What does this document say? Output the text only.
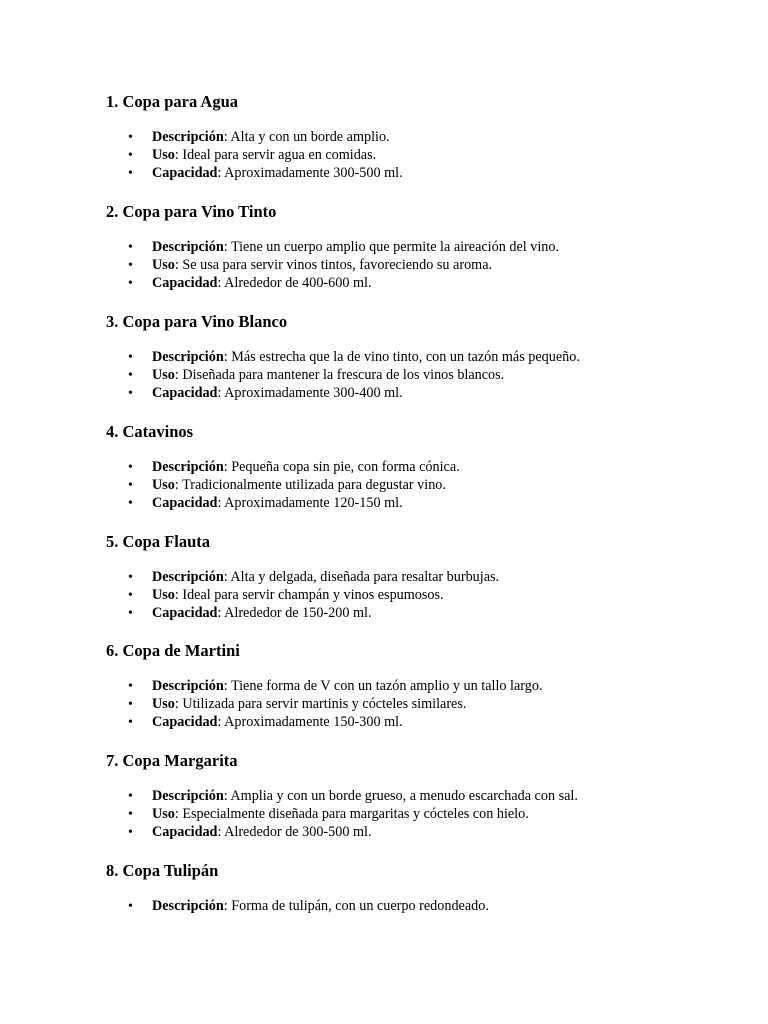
1. Copa para Agua
• Descripción: Alta y con un borde amplio.
• Uso: Ideal para servir agua en comidas.
• Capacidad: Aproximadamente 300-500 ml.
2. Copa para Vino Tinto
• Descripción: Tiene un cuerpo amplio que permite la aireación del vino.
• Uso: Se usa para servir vinos tintos, favoreciendo su aroma.
• Capacidad: Alrededor de 400-600 ml.
3. Copa para Vino Blanco
• Descripción: Más estrecha que la de vino tinto, con un tazón más pequeño.
• Uso: Diseñada para mantener la frescura de los vinos blancos.
• Capacidad: Aproximadamente 300-400 ml.
4. Catavinos
• Descripción: Pequeña copa sin pie, con forma cónica.
• Uso: Tradicionalmente utilizada para degustar vino.
• Capacidad: Aproximadamente 120-150 ml.
5. Copa Flauta
• Descripción: Alta y delgada, diseñada para resaltar burbujas.
• Uso: Ideal para servir champán y vinos espumosos.
• Capacidad: Alrededor de 150-200 ml.
6. Copa de Martini
• Descripción: Tiene forma de V con un tazón amplio y un tallo largo.
• Uso: Utilizada para servir martinis y cócteles similares.
• Capacidad: Aproximadamente 150-300 ml.
7. Copa Margarita
• Descripción: Amplia y con un borde grueso, a menudo escarchada con sal.
• Uso: Especialmente diseñada para margaritas y cócteles con hielo.
• Capacidad: Alrededor de 300-500 ml.
8. Copa Tulipán
• Descripción: Forma de tulipán, con un cuerpo redondeado.
